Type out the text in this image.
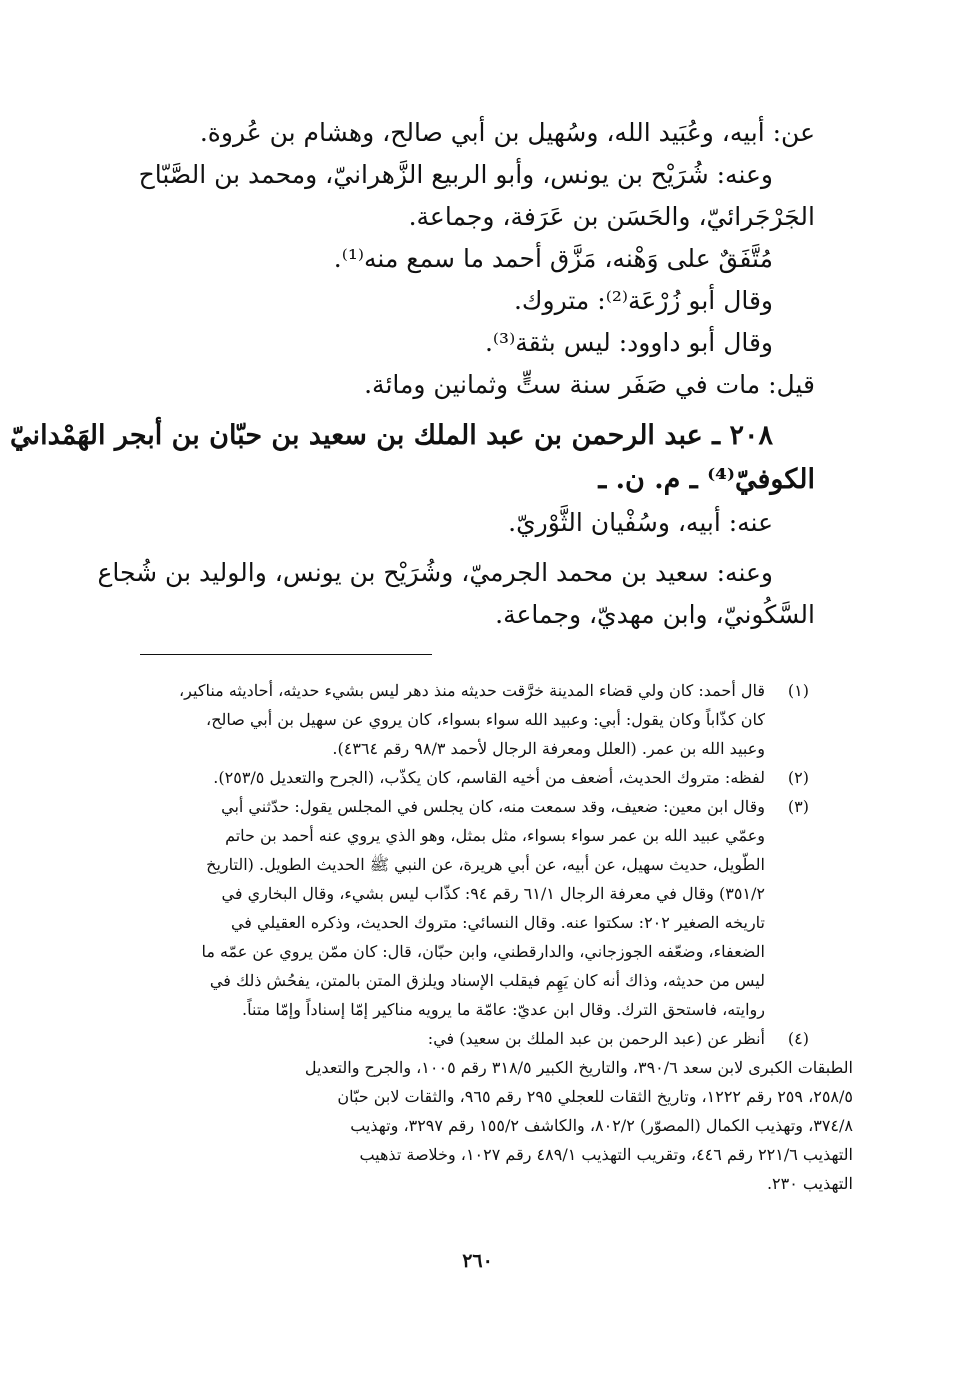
عن: أبيه، وعُبَيد الله، وسُهيل بن أبي صالح، وهشام بن عُروة.

وعنه: شُرَيْح بن يونس، وأبو الربيع الزَّهرانيّ، ومحمد بن الصَّبّاح

الجَرْجَرائيّ، والحَسَن بن عَرَفة، وجماعة.

مُتَّفَقٌ على وَهْنه، مَزَّق أحمد ما سمع منه⁽¹⁾.

وقال أبو زُرْعَة⁽²⁾: متروك.

وقال أبو داوود: ليس بثقة⁽³⁾.

قيل: مات في صَفَر سنة ستٍّ وثمانين ومائة.

٢٠٨ ـ عبد الرحمن بن عبد الملك بن سعيد بن حبّان بن أبجر الهَمْدانيّ

الكوفيّ⁽⁴⁾ ـ م. ن. ـ

عنه: أبيه، وسُفْيان الثَّوْريّ.

وعنه: سعيد بن محمد الجرميّ، وشُرَيْح بن يونس، والوليد بن شُجاع

السَّكُونيّ، وابن مهديّ، وجماعة.

(١)قال أحمد: كان ولي قضاء المدينة خرَّقت حديثه منذ دهر ليس بشيء حديثه، أحاديثه مناكير،

كان كذّاباً وكان يقول: أبي: وعبيد الله سواء بسواء، كان يروي عن سهيل بن أبي صالح،

وعبيد الله بن عمر. (العلل ومعرفة الرجال لأحمد ٩٨/٣ رقم ٤٣٦٤).

(٢)لفظه: متروك الحديث، أضعف من أخيه القاسم، كان يكذّب، (الجرح والتعديل ٢٥٣/٥).

(٣)وقال ابن معين: ضعيف، وقد سمعت منه، كان يجلس في المجلس يقول: حدّثني أبي

وعمّي عبيد الله بن عمر سواء بسواء، مثل بمثل، وهو الذي يروي عنه أحمد بن حاتم

الطّويل، حديث سهيل، عن أبيه، عن أبي هريرة، عن النبي ﷺ الحديث الطويل. (التاريخ

٣٥١/٢) وقال في معرفة الرجال ٦١/١ رقم ٩٤: كذّاب ليس بشيء، وقال البخاري في

تاريخه الصغير ٢٠٢: سكتوا عنه. وقال النسائي: متروك الحديث، وذكره العقيلي في

الضعفاء، وضعّفه الجوزجاني، والدارقطني، وابن حبّان، قال: كان ممّن يروي عن عمّه ما

ليس من حديثه، وذاك أنه كان يَهِم فيقلب الإسناد ويلزق المتن بالمتن، يفحُش ذلك في

روايته، فاستحق الترك. وقال ابن عديّ: عامّة ما يرويه مناكير إمّا إسناداً وإمّا متناً.

(٤)أنظر عن (عبد الرحمن بن عبد الملك بن سعيد) في:

الطبقات الكبرى لابن سعد ٣٩٠/٦، والتاريخ الكبير ٣١٨/٥ رقم ١٠٠٥، والجرح والتعديل

٢٥٨/٥، ٢٥٩ رقم ١٢٢٢، وتاريخ الثقات للعجلي ٢٩٥ رقم ٩٦٥، والثقات لابن حبّان

٣٧٤/٨، وتهذيب الكمال (المصوّر) ٨٠٢/٢، والكاشف ١٥٥/٢ رقم ٣٢٩٧، وتهذيب

التهذيب ٢٢١/٦ رقم ٤٤٦، وتقريب التهذيب ٤٨٩/١ رقم ١٠٢٧، وخلاصة تذهيب

التهذيب ٢٣٠.

٢٦٠
